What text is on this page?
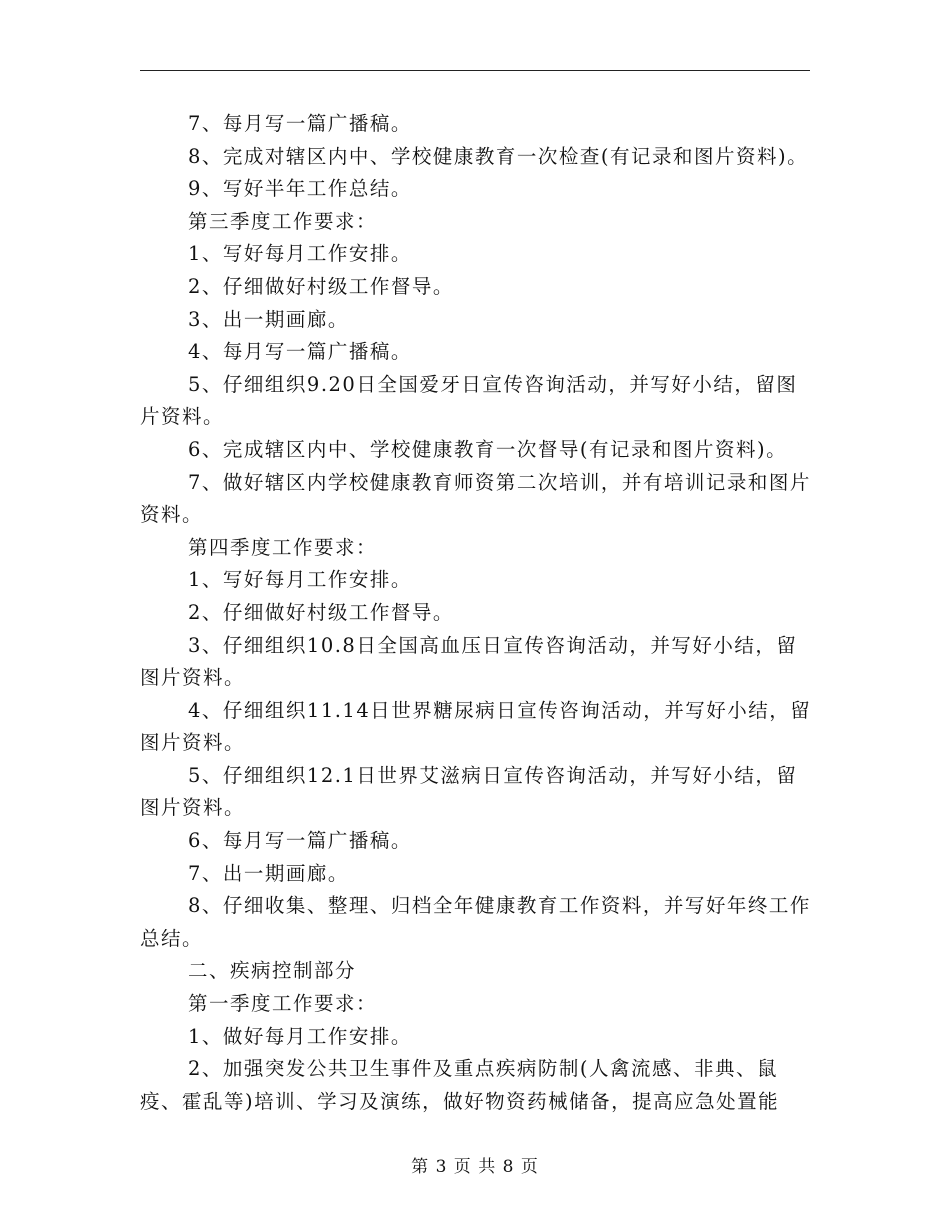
7、每月写一篇广播稿。

8、完成对辖区内中、学校健康教育一次检查(有记录和图片资料)。

9、写好半年工作总结。

第三季度工作要求：

1、写好每月工作安排。

2、仔细做好村级工作督导。

3、出一期画廊。

4、每月写一篇广播稿。

5、仔细组织9.20日全国爱牙日宣传咨询活动，并写好小结，留图片资料。

6、完成辖区内中、学校健康教育一次督导(有记录和图片资料)。

7、做好辖区内学校健康教育师资第二次培训，并有培训记录和图片资料。

第四季度工作要求：

1、写好每月工作安排。

2、仔细做好村级工作督导。

3、仔细组织10.8日全国高血压日宣传咨询活动，并写好小结，留图片资料。

4、仔细组织11.14日世界糖尿病日宣传咨询活动，并写好小结，留图片资料。

5、仔细组织12.1日世界艾滋病日宣传咨询活动，并写好小结，留图片资料。

6、每月写一篇广播稿。

7、出一期画廊。

8、仔细收集、整理、归档全年健康教育工作资料，并写好年终工作总结。

二、疾病控制部分

第一季度工作要求：

1、做好每月工作安排。

2、加强突发公共卫生事件及重点疾病防制(人禽流感、非典、鼠疫、霍乱等)培训、学习及演练，做好物资药械储备，提高应急处置能

第 3 页 共 8 页
